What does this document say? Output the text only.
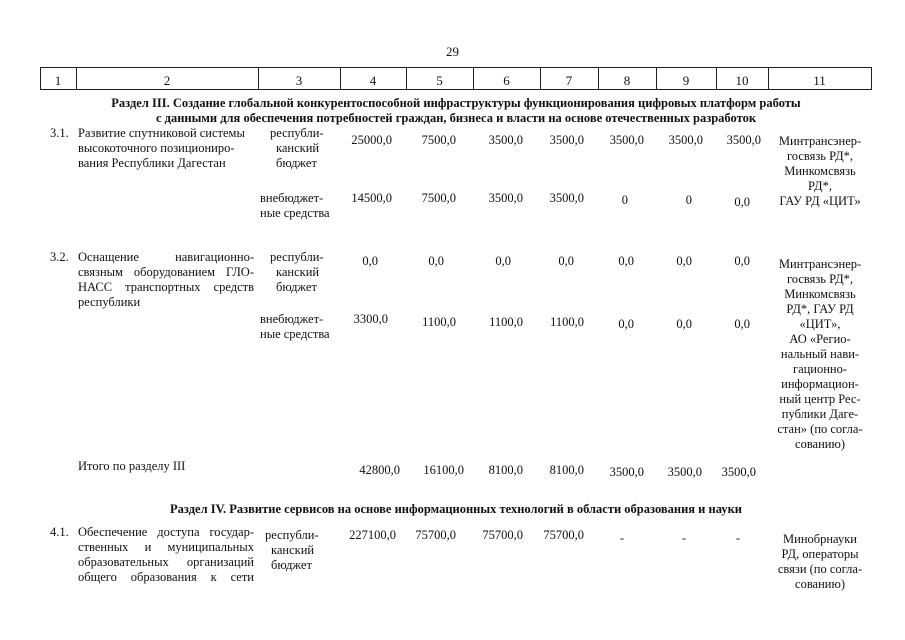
29
1	2	3	4	5	6	7	8	9	10	11
Раздел III. Создание глобальной конкурентоспособной инфраструктуры функционирования цифровых платформ работы
с данными для обеспечения потребностей граждан, бизнеса и власти на основе отечественных разработок
3.1. Развитие спутниковой системы
высокоточного позициониро-
вания Республики Дагестан
республи-
канский
бюджет
25000,0	7500,0	3500,0	3500,0	3500,0	3500,0	3500,0
внебюджет-
ные средства
14500,0	7500,0	3500,0	3500,0	0	0	0,0
Минтрансэнер-
госвязь РД*,
Минкомсвязь
РД*,
ГАУ РД «ЦИТ»
3.2. Оснащение навигационно-
связным оборудованием ГЛО-
НАСС транспортных средств
республики
республи-
канский
бюджет
0,0	0,0	0,0	0,0	0,0	0,0	0,0
внебюджет-
ные средства
3300,0	1100,0	1100,0	1100,0	0,0	0,0	0,0
Минтрансэнер-
госвязь РД*,
Минкомсвязь
РД*, ГАУ РД
«ЦИТ»,
АО «Регио-
нальный нави-
гационно-
информацион-
ный центр Рес-
публики Даге-
стан» (по согла-
сованию)
Итого по разделу III	42800,0	16100,0	8100,0	8100,0	3500,0	3500,0	3500,0
Раздел IV. Развитие сервисов на основе информационных технологий в области образования и науки
4.1. Обеспечение доступа государ-
ственных и муниципальных
образовательных организаций
общего образования к сети
республи-
канский
бюджет
227100,0	75700,0	75700,0 75700,0	-	-	-	Минобрнауки
РД, операторы
связи (по согла-
сованию)
